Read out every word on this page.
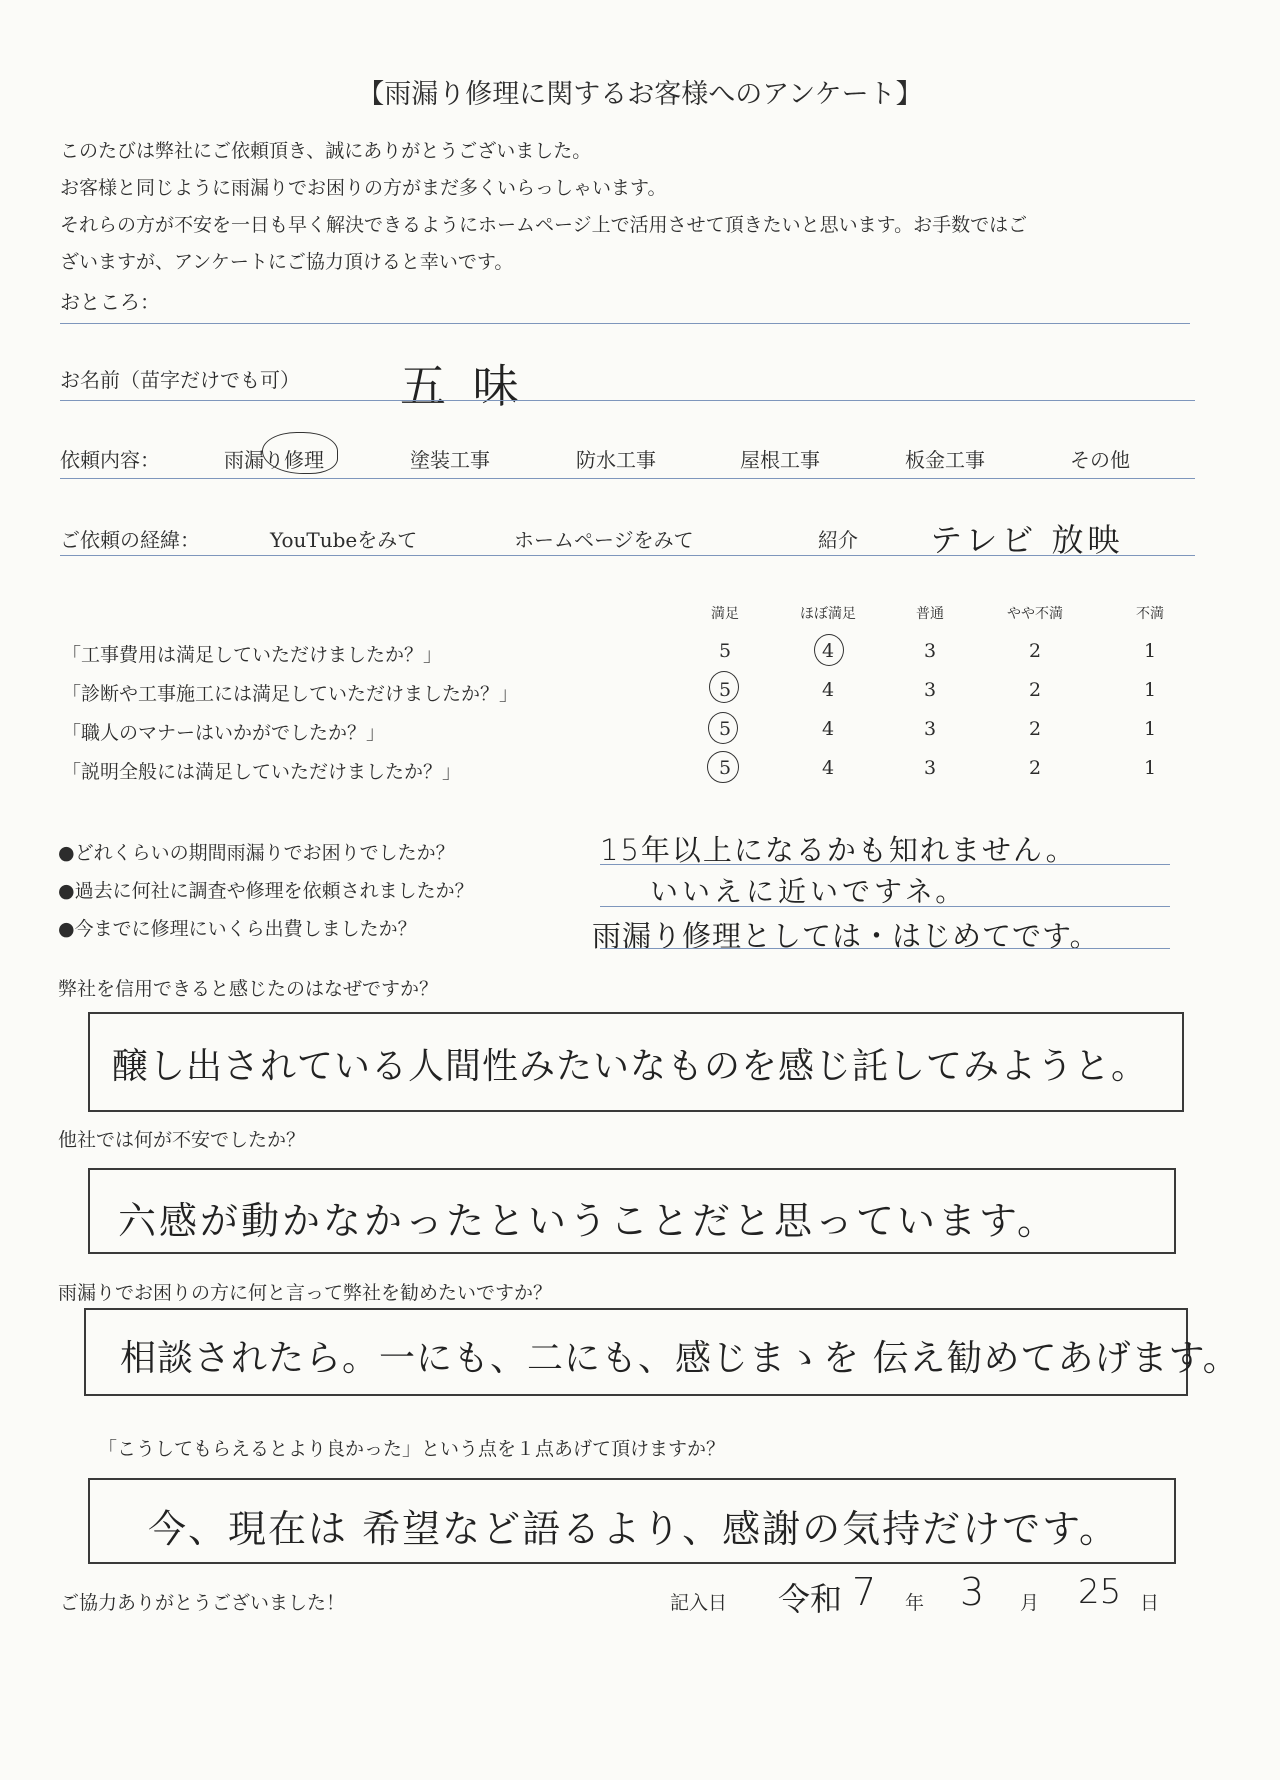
【雨漏り修理に関するお客様へのアンケート】
このたびは弊社にご依頼頂き、誠にありがとうございました。
お客様と同じように雨漏りでお困りの方がまだ多くいらっしゃいます。
それらの方が不安を一日も早く解決できるようにホームページ上で活用させて頂きたいと思います。お手数ではご
ざいますが、アンケートにご協力頂けると幸いです。
おところ：
お名前（苗字だけでも可） 五 味
依頼内容：	雨漏り修理	塗装工事	防水工事	屋根工事	板金工事	その他
ご依頼の経緯：	YouTubeをみて	ホームページをみて	紹介 テレビ 放映
満足	ほぼ満足	普通	やや不満	不満
「工事費用は満足していただけましたか？」	5	4	3	2	1
「診断や工事施工には満足していただけましたか？」	5	4	3	2	1
「職人のマナーはいかがでしたか？」	5	4	3	2	1
「説明全般には満足していただけましたか？」	5	4	3	2	1
●どれくらいの期間雨漏りでお困りでしたか？	15年以上になるかも知れません。
●過去に何社に調査や修理を依頼されましたか？	いいえに近いですネ。
●今までに修理にいくら出費しましたか？	雨漏り修理としては・はじめてです。
弊社を信用できると感じたのはなぜですか？
醸し出されている人間性みたいなものを感じ託してみようと。
他社では何が不安でしたか？
六感が動かなかったということだと思っています。
雨漏りでお困りの方に何と言って弊社を勧めたいですか？
相談されたら。一にも、二にも、感じまゝを 伝え勧めてあげます。
「こうしてもらえるとより良かった」という点を１点あげて頂けますか？
今、現在は 希望など語るより、感謝の気持だけです。
ご協力ありがとうございました！	記入日 令和 7 年 3 月 25 日
